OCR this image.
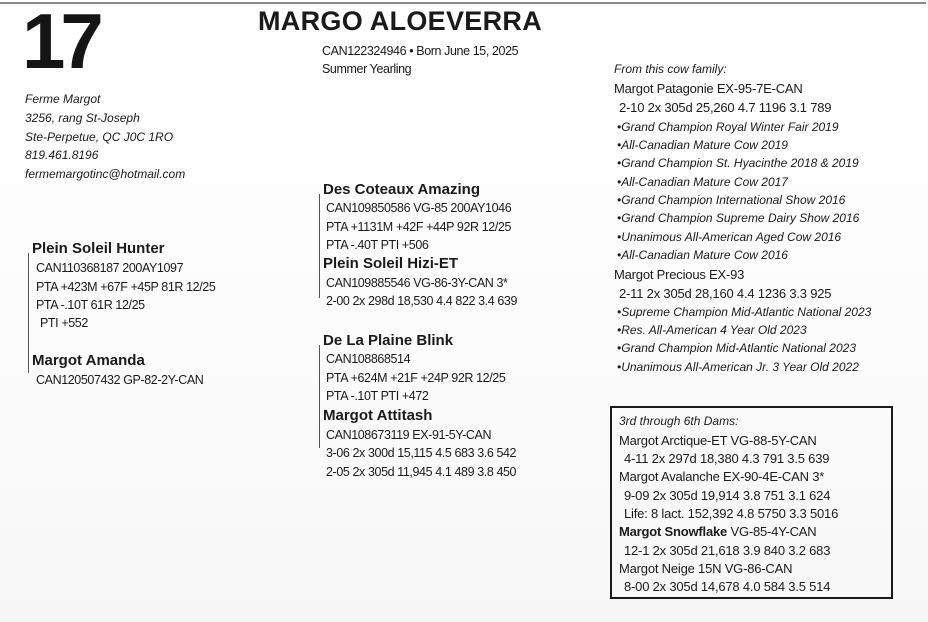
17	MARGO ALOEVERRA
CAN122324946 • Born June 15, 2025
Summer Yearling
Ferme Margot
3256, rang St-Joseph
Ste-Perpetue, QC J0C 1RO
819.461.8196
fermemargotinc@hotmail.com
Plein Soleil Hunter
CAN110368187 200AY1097
PTA +423M +67F +45P 81R 12/25
PTA -.10T 61R 12/25
PTI +552
Margot Amanda
CAN120507432 GP-82-2Y-CAN
Des Coteaux Amazing
CAN109850586 VG-85 200AY1046
PTA +1131M +42F +44P 92R 12/25
PTA -.40T PTI +506
Plein Soleil Hizi-ET
CAN109885546 VG-86-3Y-CAN 3*
2-00 2x 298d 18,530 4.4 822 3.4 639
De La Plaine Blink
CAN108868514
PTA +624M +21F +24P 92R 12/25
PTA -.10T PTI +472
Margot Attitash
CAN108673119 EX-91-5Y-CAN
3-06 2x 300d 15,115 4.5 683 3.6 542
2-05 2x 305d 11,945 4.1 489 3.8 450
From this cow family:
Margot Patagonie EX-95-7E-CAN
2-10 2x 305d 25,260 4.7 1196 3.1 789
•Grand Champion Royal Winter Fair 2019
•All-Canadian Mature Cow 2019
•Grand Champion St. Hyacinthe 2018 & 2019
•All-Canadian Mature Cow 2017
•Grand Champion International Show 2016
•Grand Champion Supreme Dairy Show 2016
•Unanimous All-American Aged Cow 2016
•All-Canadian Mature Cow 2016
Margot Precious EX-93
2-11 2x 305d 28,160 4.4 1236 3.3 925
•Supreme Champion Mid-Atlantic National 2023
•Res. All-American 4 Year Old 2023
•Grand Champion Mid-Atlantic National 2023
•Unanimous All-American Jr. 3 Year Old 2022
3rd through 6th Dams:
Margot Arctique-ET VG-88-5Y-CAN
4-11 2x 297d 18,380 4.3 791 3.5 639
Margot Avalanche EX-90-4E-CAN 3*
9-09 2x 305d 19,914 3.8 751 3.1 624
Life: 8 lact. 152,392 4.8 5750 3.3 5016
Margot Snowflake VG-85-4Y-CAN
12-1 2x 305d 21,618 3.9 840 3.2 683
Margot Neige 15N VG-86-CAN
8-00 2x 305d 14,678 4.0 584 3.5 514
